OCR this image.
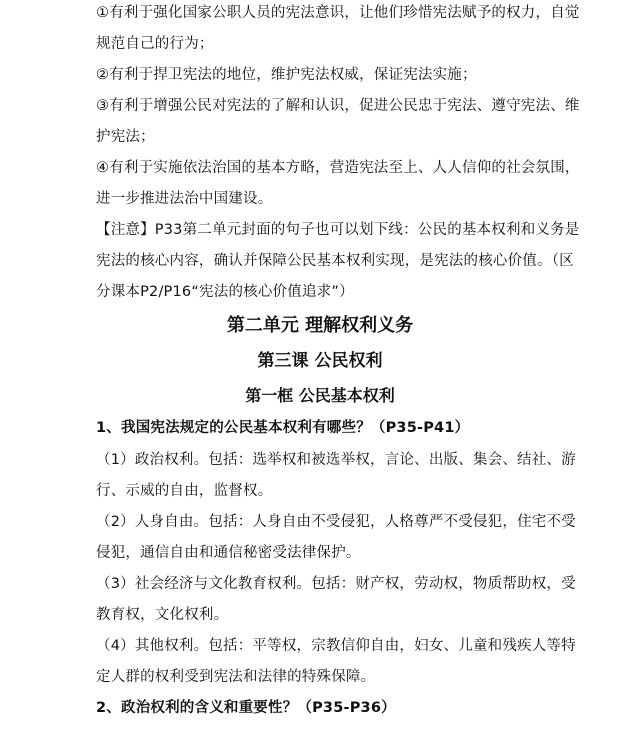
①有利于强化国家公职人员的宪法意识，让他们珍惜宪法赋予的权力，自觉
规范自己的行为；
②有利于捍卫宪法的地位，维护宪法权威，保证宪法实施；
③有利于增强公民对宪法的了解和认识，促进公民忠于宪法、遵守宪法、维
护宪法；
④有利于实施依法治国的基本方略，营造宪法至上、人人信仰的社会氛围，
进一步推进法治中国建设。
【注意】P33第二单元封面的句子也可以划下线：公民的基本权利和义务是
宪法的核心内容，确认并保障公民基本权利实现，是宪法的核心价值。（区
分课本P2/P16“宪法的核心价值追求”）
第二单元 理解权利义务
第三课 公民权利
第一框 公民基本权利
1、我国宪法规定的公民基本权利有哪些？（P35-P41）
（1）政治权利。包括：选举权和被选举权，言论、出版、集会、结社、游
行、示威的自由，监督权。
（2）人身自由。包括：人身自由不受侵犯，人格尊严不受侵犯，住宅不受
侵犯，通信自由和通信秘密受法律保护。
（3）社会经济与文化教育权利。包括：财产权，劳动权，物质帮助权，受
教育权，文化权利。
（4）其他权利。包括：平等权，宗教信仰自由，妇女、儿童和残疾人等特
定人群的权利受到宪法和法律的特殊保障。
2、政治权利的含义和重要性？（P35-P36）
